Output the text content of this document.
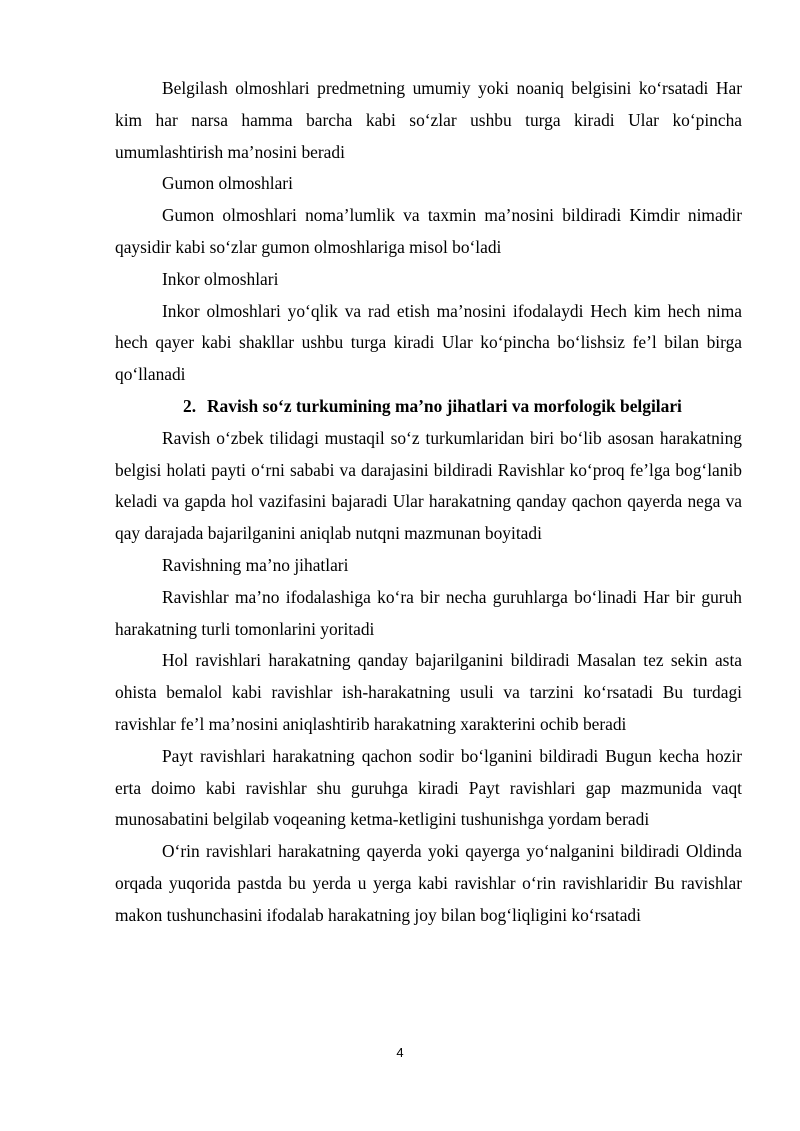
Belgilash olmoshlari predmetning umumiy yoki noaniq belgisini ko‘rsatadi Har kim har narsa hamma barcha kabi so‘zlar ushbu turga kiradi Ular ko‘pincha umumlashtirish ma’nosini beradi

Gumon olmoshlari

Gumon olmoshlari noma’lumlik va taxmin ma’nosini bildiradi Kimdir nimadir qaysidir kabi so‘zlar gumon olmoshlariga misol bo‘ladi

Inkor olmoshlari

Inkor olmoshlari yo‘qlik va rad etish ma’nosini ifodalaydi Hech kim hech nima hech qayer kabi shakllar ushbu turga kiradi Ular ko‘pincha bo‘lishsiz fe’l bilan birga qo‘llanadi

2. Ravish so‘z turkumining ma’no jihatlari va morfologik belgilari

Ravish o‘zbek tilidagi mustaqil so‘z turkumlaridan biri bo‘lib asosan harakatning belgisi holati payti o‘rni sababi va darajasini bildiradi Ravishlar ko‘proq fe’lga bog‘lanib keladi va gapda hol vazifasini bajaradi Ular harakatning qanday qachon qayerda nega va qay darajada bajarilganini aniqlab nutqni mazmunan boyitadi

Ravishning ma’no jihatlari

Ravishlar ma’no ifodalashiga ko‘ra bir necha guruhlarga bo‘linadi Har bir guruh harakatning turli tomonlarini yoritadi

Hol ravishlari harakatning qanday bajarilganini bildiradi Masalan tez sekin asta ohista bemalol kabi ravishlar ish-harakatning usuli va tarzini ko‘rsatadi Bu turdagi ravishlar fe’l ma’nosini aniqlashtirib harakatning xarakterini ochib beradi

Payt ravishlari harakatning qachon sodir bo‘lganini bildiradi Bugun kecha hozir erta doimo kabi ravishlar shu guruhga kiradi Payt ravishlari gap mazmunida vaqt munosabatini belgilab voqeaning ketma-ketligini tushunishga yordam beradi

O‘rin ravishlari harakatning qayerda yoki qayerga yo‘nalganini bildiradi Oldinda orqada yuqorida pastda bu yerda u yerga kabi ravishlar o‘rin ravishlaridir Bu ravishlar makon tushunchasini ifodalab harakatning joy bilan bog‘liqligini ko‘rsatadi

4
